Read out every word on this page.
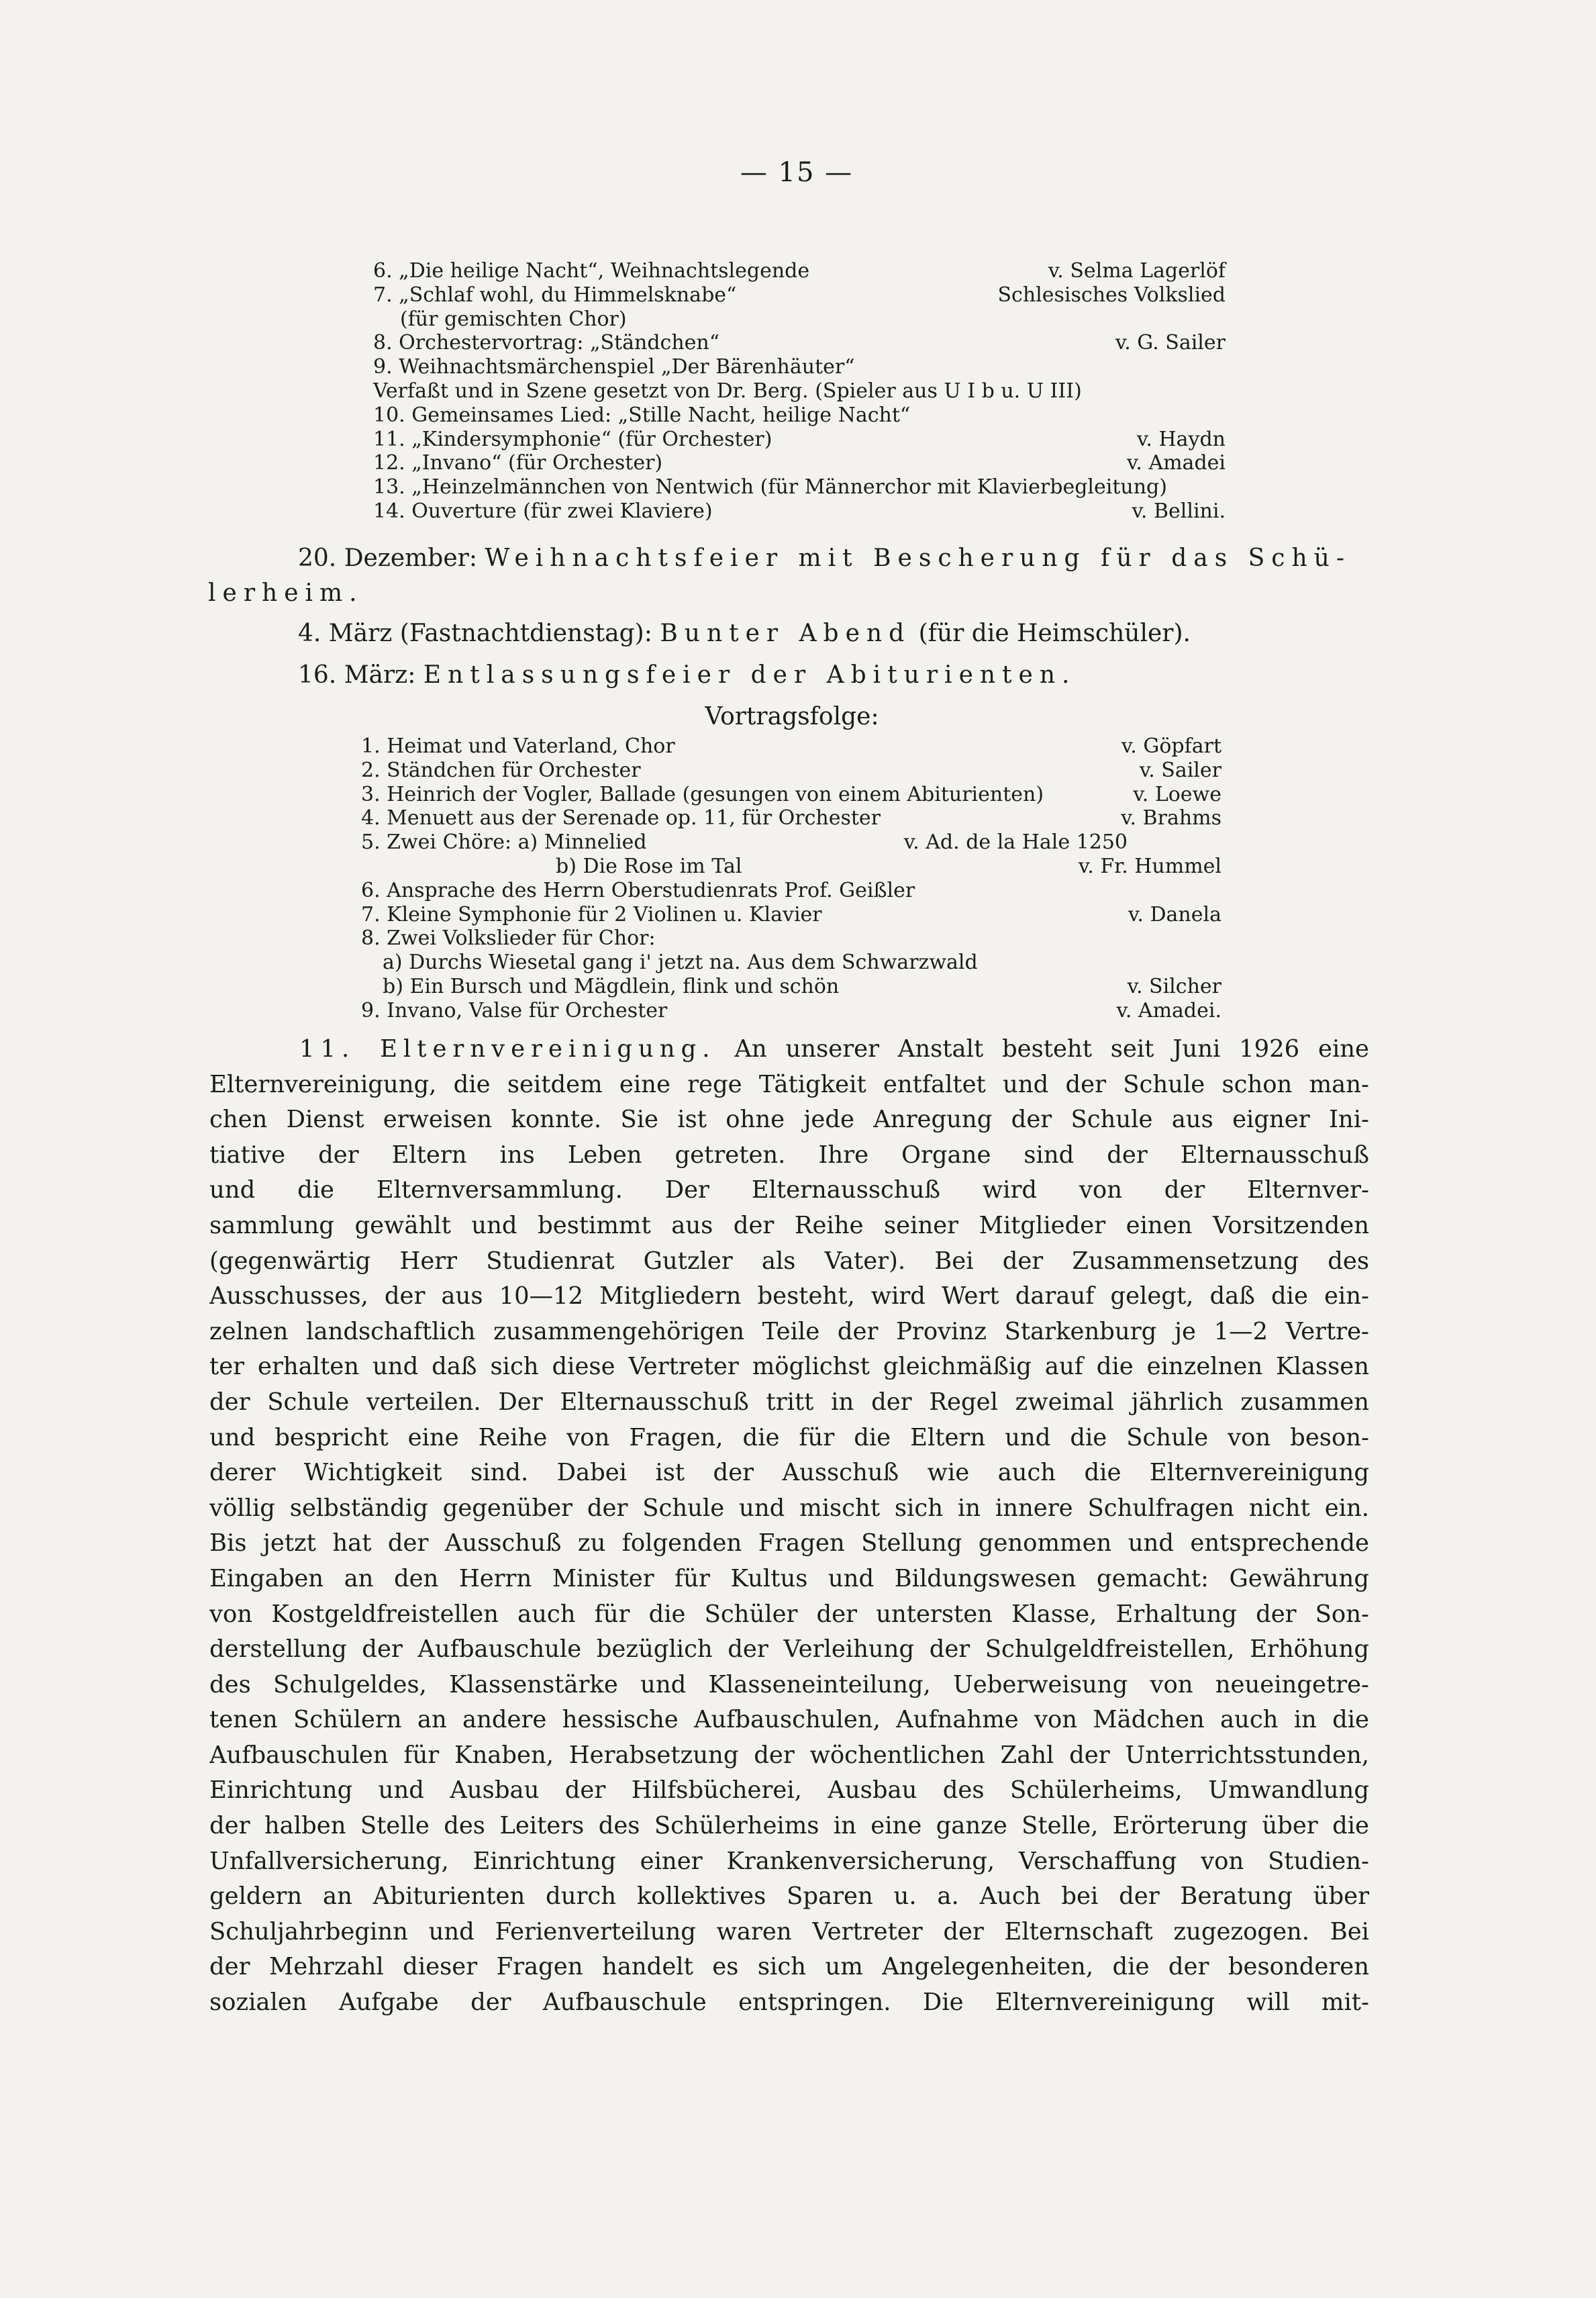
— 15 —
6. „Die heilige Nacht“, Weihnachtslegende	v. Selma Lagerlöf
7. „Schlaf wohl, du Himmelsknabe“	Schlesisches Volkslied
(für gemischten Chor)
8. Orchestervortrag: „Ständchen“	v. G. Sailer
9. Weihnachtsmärchenspiel „Der Bärenhäuter“
Verfaßt und in Szene gesetzt von Dr. Berg. (Spieler aus U I b u. U III)
10. Gemeinsames Lied: „Stille Nacht, heilige Nacht“
11. „Kindersymphonie“ (für Orchester)	v. Haydn
12. „Invano“ (für Orchester)	v. Amadei
13. „Heinzelmännchen von Nentwich (für Männerchor mit Klavierbegleitung)
14. Ouverture (für zwei Klaviere)	v. Bellini.
20. Dezember: Weihnachtsfeier mit Bescherung für das Schü-
lerheim.
4. März (Fastnachtdienstag): Bunter Abend (für die Heimschüler).
16. März: Entlassungsfeier der Abiturienten.
Vortragsfolge:
1. Heimat und Vaterland, Chor	v. Göpfart
2. Ständchen für Orchester	v. Sailer
3. Heinrich der Vogler, Ballade (gesungen von einem Abiturienten)	v. Loewe
4. Menuett aus der Serenade op. 11, für Orchester	v. Brahms
5. Zwei Chöre: a) Minnelied	v. Ad. de la Hale 1250
b) Die Rose im Tal	v. Fr. Hummel
6. Ansprache des Herrn Oberstudienrats Prof. Geißler
7. Kleine Symphonie für 2 Violinen u. Klavier	v. Danela
8. Zwei Volkslieder für Chor:
a) Durchs Wiesetal gang i' jetzt na. Aus dem Schwarzwald
b) Ein Bursch und Mägdlein, flink und schön	v. Silcher
9. Invano, Valse für Orchester	v. Amadei.
11. Elternvereinigung. An unserer Anstalt besteht seit Juni 1926 eine
Elternvereinigung, die seitdem eine rege Tätigkeit entfaltet und der Schule schon man-
chen Dienst erweisen konnte. Sie ist ohne jede Anregung der Schule aus eigner Ini-
tiative der Eltern ins Leben getreten. Ihre Organe sind der Elternausschuß
und die Elternversammlung. Der Elternausschuß wird von der Elternver-
sammlung gewählt und bestimmt aus der Reihe seiner Mitglieder einen Vorsitzenden
(gegenwärtig Herr Studienrat Gutzler als Vater). Bei der Zusammensetzung des
Ausschusses, der aus 10—12 Mitgliedern besteht, wird Wert darauf gelegt, daß die ein-
zelnen landschaftlich zusammengehörigen Teile der Provinz Starkenburg je 1—2 Vertre-
ter erhalten und daß sich diese Vertreter möglichst gleichmäßig auf die einzelnen Klassen
der Schule verteilen. Der Elternausschuß tritt in der Regel zweimal jährlich zusammen
und bespricht eine Reihe von Fragen, die für die Eltern und die Schule von beson-
derer Wichtigkeit sind. Dabei ist der Ausschuß wie auch die Elternvereinigung
völlig selbständig gegenüber der Schule und mischt sich in innere Schulfragen nicht ein.
Bis jetzt hat der Ausschuß zu folgenden Fragen Stellung genommen und entsprechende
Eingaben an den Herrn Minister für Kultus und Bildungswesen gemacht: Gewährung
von Kostgeldfreistellen auch für die Schüler der untersten Klasse, Erhaltung der Son-
derstellung der Aufbauschule bezüglich der Verleihung der Schulgeldfreistellen, Erhöhung
des Schulgeldes, Klassenstärke und Klasseneinteilung, Ueberweisung von neueingetre-
tenen Schülern an andere hessische Aufbauschulen, Aufnahme von Mädchen auch in die
Aufbauschulen für Knaben, Herabsetzung der wöchentlichen Zahl der Unterrichtsstunden,
Einrichtung und Ausbau der Hilfsbücherei, Ausbau des Schülerheims, Umwandlung
der halben Stelle des Leiters des Schülerheims in eine ganze Stelle, Erörterung über die
Unfallversicherung, Einrichtung einer Krankenversicherung, Verschaffung von Studien-
geldern an Abiturienten durch kollektives Sparen u. a. Auch bei der Beratung über
Schuljahrbeginn und Ferienverteilung waren Vertreter der Elternschaft zugezogen. Bei
der Mehrzahl dieser Fragen handelt es sich um Angelegenheiten, die der besonderen
sozialen Aufgabe der Aufbauschule entspringen. Die Elternvereinigung will mit-
